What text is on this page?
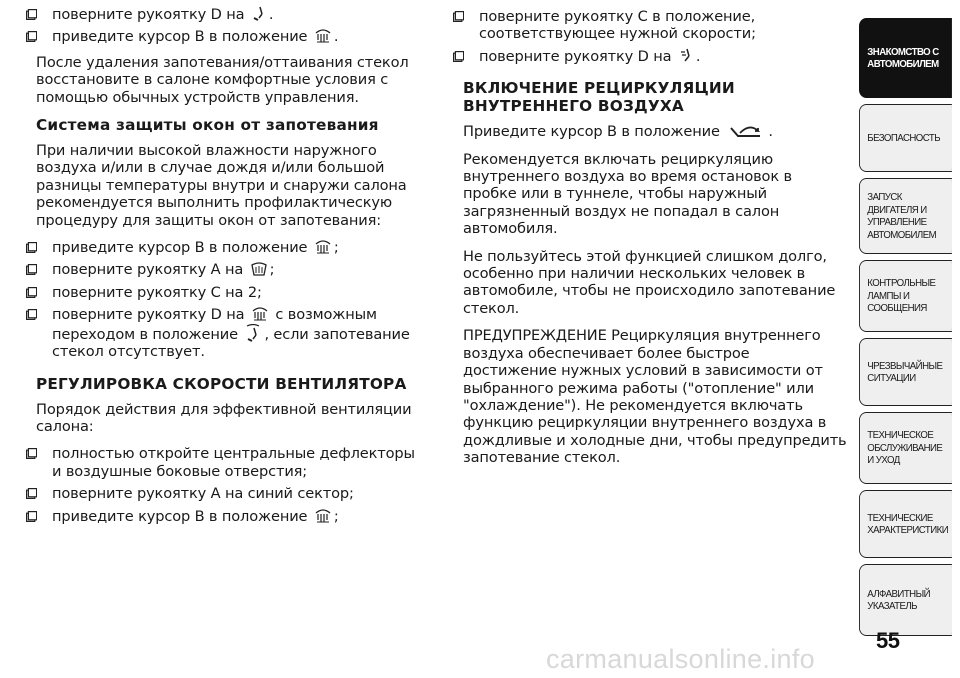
поверните рукоятку D на .
приведите курсор В в положение .

После удаления запотевания/оттаивания стекол восстановите в салоне комфортные условия с помощью обычных устройств управления.

Система защиты окон от запотевания

При наличии высокой влажности наружного воздуха и/или в случае дождя и/или большой разницы температуры внутри и снаружи салона рекомендуется выполнить профилактическую процедуру для защиты окон от запотевания:

приведите курсор В в положение ;
поверните рукоятку А на ;
поверните рукоятку С на 2;
поверните рукоятку D на с возможным переходом в положение , если запотевание стекол отсутствует.

РЕГУЛИРОВКА СКОРОСТИ ВЕНТИЛЯТОРА

Порядок действия для эффективной вентиляции салона:

полностью откройте центральные дефлекторы и воздушные боковые отверстия;
поверните рукоятку А на синий сектор;
приведите курсор В в положение ;
поверните рукоятку С в положение, соответствующее нужной скорости;
поверните рукоятку D на .

ВКЛЮЧЕНИЕ РЕЦИРКУЛЯЦИИ ВНУТРЕННЕГО ВОЗДУХА

Приведите курсор В в положение	.

Рекомендуется включать рециркуляцию внутреннего воздуха во время остановок в пробке или в туннеле, чтобы наружный загрязненный воздух не попадал в салон автомобиля.

Не пользуйтесь этой функцией слишком долго, особенно при наличии нескольких человек в автомобиле, чтобы не происходило запотевание стекол.

ПРЕДУПРЕЖДЕНИЕ Рециркуляция внутреннего воздуха обеспечивает более быстрое достижение нужных условий в зависимости от выбранного режима работы ("отопление" или "охлаждение"). Не рекомендуется включать функцию рециркуляции внутреннего воздуха в дождливые и холодные дни, чтобы предупредить запотевание стекол.

ЗНАКОМСТВО С АВТОМОБИЛЕМ
БЕЗОПАСНОСТЬ
ЗАПУСК ДВИГАТЕЛЯ И УПРАВЛЕНИЕ АВТОМОБИЛЕМ
КОНТРОЛЬНЫЕ ЛАМПЫ И СООБЩЕНИЯ
ЧРЕЗВЫЧАЙНЫЕ СИТУАЦИИ
ТЕХНИЧЕСКОЕ ОБСЛУЖИВАНИЕ И УХОД
ТЕХНИЧЕСКИЕ ХАРАКТЕРИСТИКИ
АЛФАВИТНЫЙ УКАЗАТЕЛЬ
55
carmanualsonline.info
